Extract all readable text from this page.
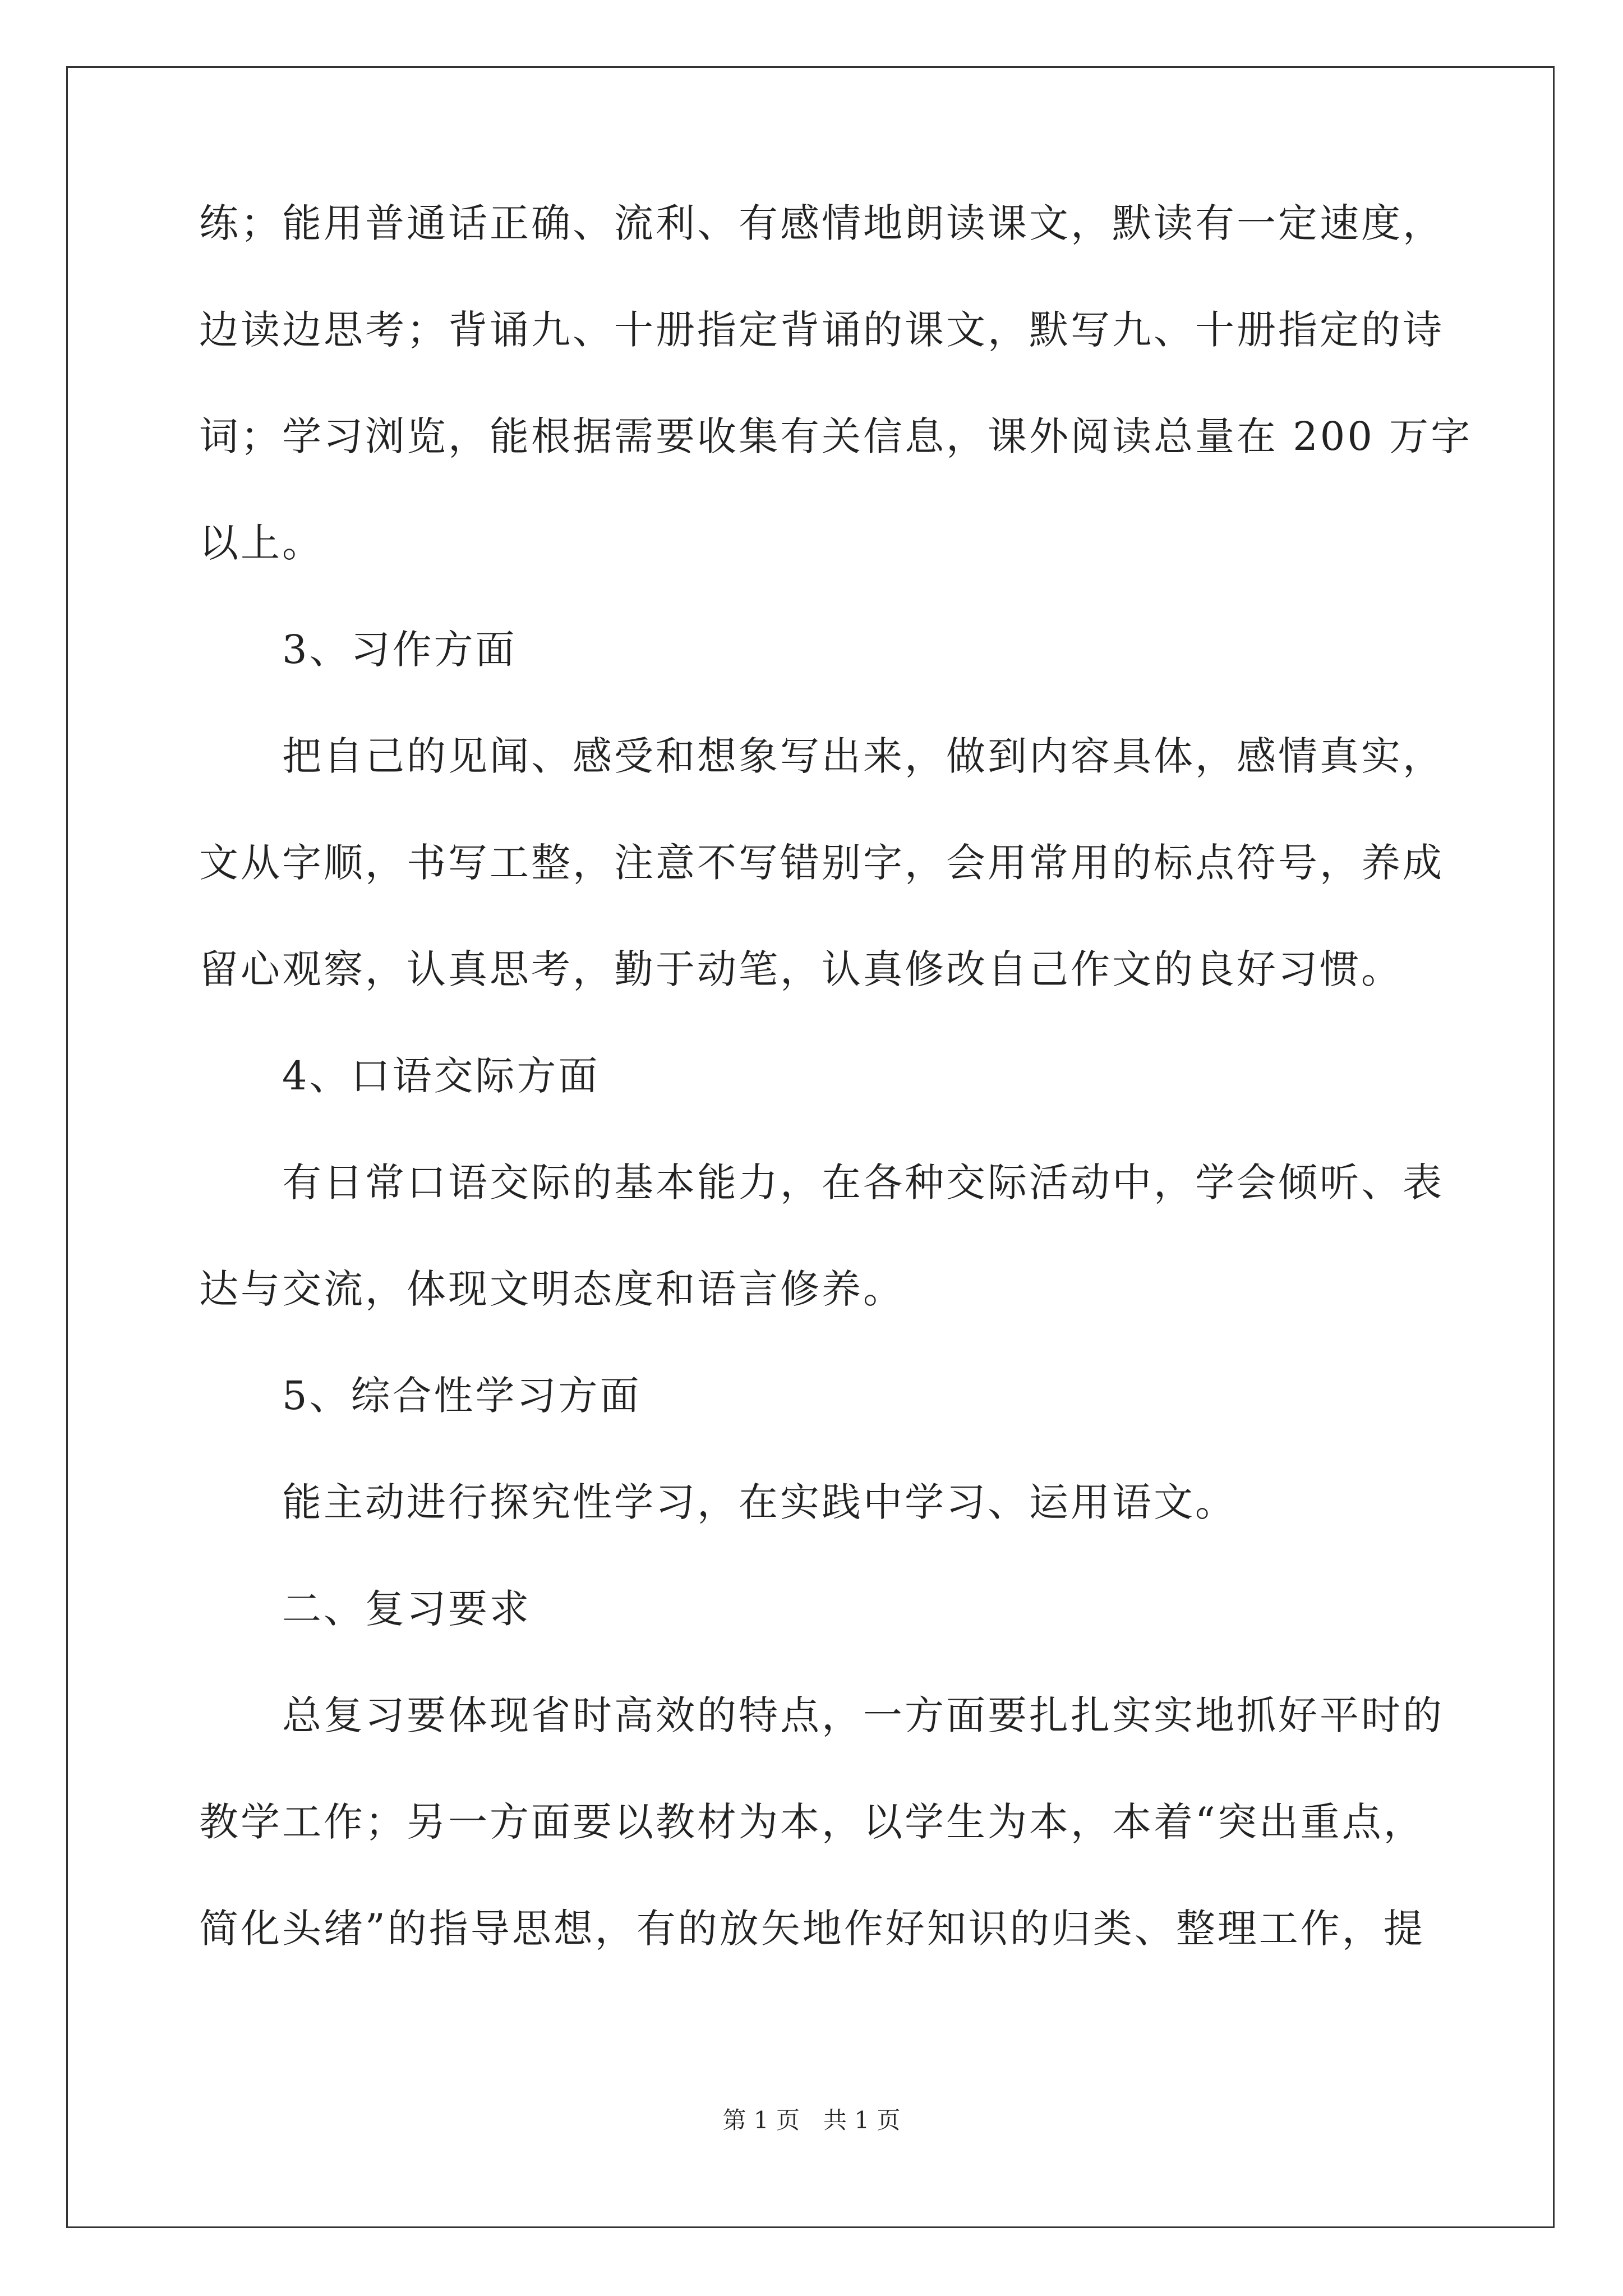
练；能用普通话正确、流利、有感情地朗读课文，默读有一定速度，
边读边思考；背诵九、十册指定背诵的课文，默写九、十册指定的诗
词；学习浏览，能根据需要收集有关信息，课外阅读总量在 200 万字
以上。
　　3、习作方面
　　把自己的见闻、感受和想象写出来，做到内容具体，感情真实，
文从字顺，书写工整，注意不写错别字，会用常用的标点符号，养成
留心观察，认真思考，勤于动笔，认真修改自己作文的良好习惯。
　　4、口语交际方面
　　有日常口语交际的基本能力，在各种交际活动中，学会倾听、表
达与交流，体现文明态度和语言修养。
　　5、综合性学习方面
　　能主动进行探究性学习，在实践中学习、运用语文。
　　二、复习要求
　　总复习要体现省时高效的特点，一方面要扎扎实实地抓好平时的
教学工作；另一方面要以教材为本，以学生为本，本着“突出重点，
简化头绪”的指导思想，有的放矢地作好知识的归类、整理工作，提
第 1 页　共 1 页
